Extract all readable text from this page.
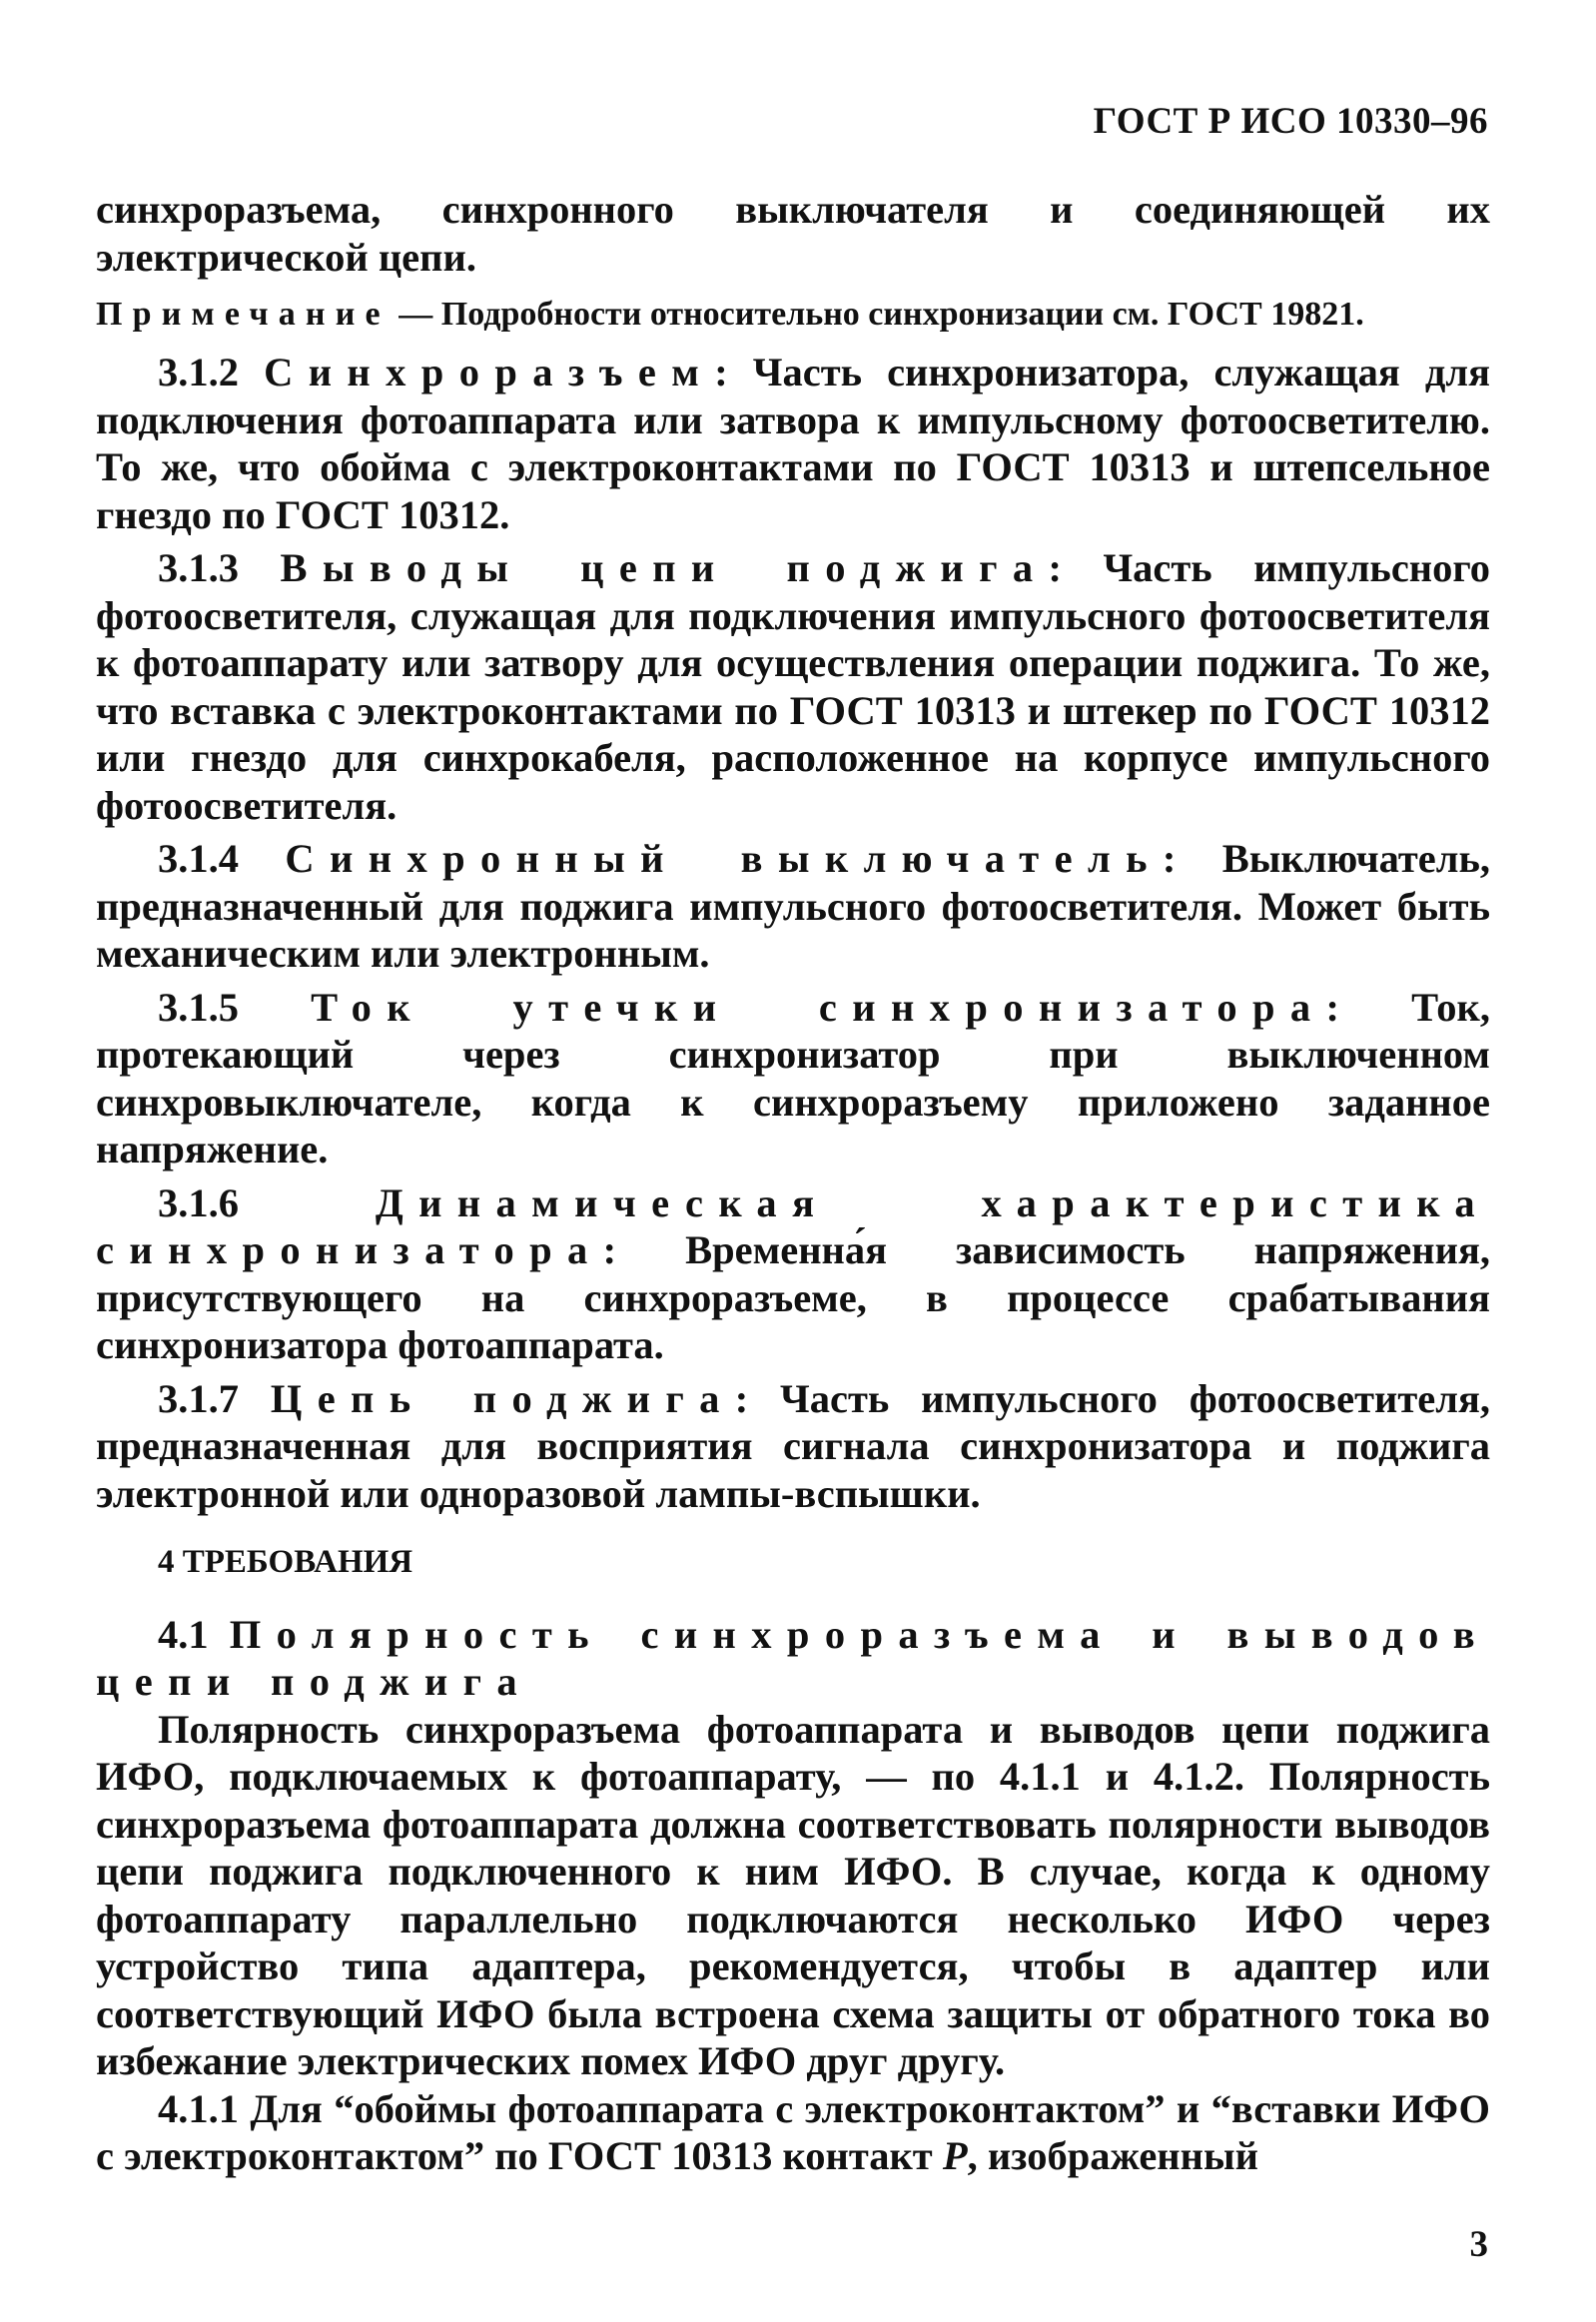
ГОСТ Р ИСО 10330–96

синхроразъема, синхронного выключателя и соединяющей их электрической цепи.

Примечание — Подробности относительно синхронизации см. ГОСТ 19821.

3.1.2 Синхроразъем: Часть синхронизатора, служащая для подключения фотоаппарата или затвора к импульсному фотоосветителю. То же, что обойма с электроконтактами по ГОСТ 10313 и штепсельное гнездо по ГОСТ 10312.

3.1.3 Выводы цепи поджига: Часть импульсного фотоосветителя, служащая для подключения импульсного фотоосветителя к фотоаппарату или затвору для осуществления операции поджига. То же, что вставка с электроконтактами по ГОСТ 10313 и штекер по ГОСТ 10312 или гнездо для синхрокабеля, расположенное на корпусе импульсного фотоосветителя.

3.1.4 Синхронный выключатель: Выключатель, предназначенный для поджига импульсного фотоосветителя. Может быть механическим или электронным.

3.1.5 Ток утечки синхронизатора: Ток, протекающий через синхронизатор при выключенном синхровыключателе, когда к синхроразъему приложено заданное напряжение.

3.1.6 Динамическая характеристика синхронизатора: Временна́я зависимость напряжения, присутствующего на синхроразъеме, в процессе срабатывания синхронизатора фотоаппарата.

3.1.7 Цепь поджига: Часть импульсного фотоосветителя, предназначенная для восприятия сигнала синхронизатора и поджига электронной или одноразовой лампы-вспышки.

4 ТРЕБОВАНИЯ

4.1 Полярность синхроразъема и выводов цепи поджига

Полярность синхроразъема фотоаппарата и выводов цепи поджига ИФО, подключаемых к фотоаппарату, — по 4.1.1 и 4.1.2. Полярность синхроразъема фотоаппарата должна соответствовать полярности выводов цепи поджига подключенного к ним ИФО. В случае, когда к одному фотоаппарату параллельно подключаются несколько ИФО через устройство типа адаптера, рекомендуется, чтобы в адаптер или соответствующий ИФО была встроена схема защиты от обратного тока во избежание электрических помех ИФО друг другу.

4.1.1 Для “обоймы фотоаппарата с электроконтактом” и “вставки ИФО с электроконтактом” по ГОСТ 10313 контакт P, изображенный

3
